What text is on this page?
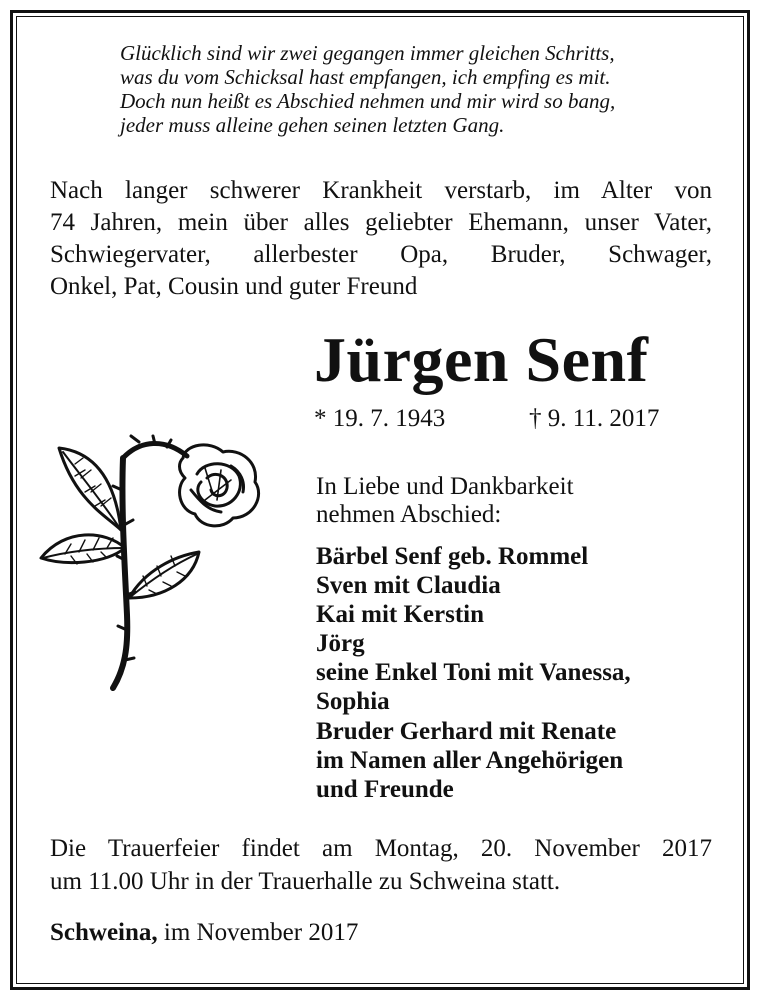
Glücklich sind wir zwei gegangen immer gleichen Schritts,
was du vom Schicksal hast empfangen, ich empfing es mit.
Doch nun heißt es Abschied nehmen und mir wird so bang,
jeder muss alleine gehen seinen letzten Gang.
Nach langer schwerer Krankheit verstarb, im Alter von
74 Jahren, mein über alles geliebter Ehemann, unser Vater,
Schwiegervater, allerbester Opa, Bruder, Schwager,
Onkel, Pat, Cousin und guter Freund
Jürgen Senf
* 19. 7. 1943	† 9. 11. 2017
In Liebe und Dankbarkeit
nehmen Abschied:
Bärbel Senf geb. Rommel
Sven mit Claudia
Kai mit Kerstin
Jörg
seine Enkel Toni mit Vanessa,
Sophia
Bruder Gerhard mit Renate
im Namen aller Angehörigen
und Freunde
Die Trauerfeier findet am Montag, 20. November 2017
um 11.00 Uhr in der Trauerhalle zu Schweina statt.
Schweina, im November 2017
